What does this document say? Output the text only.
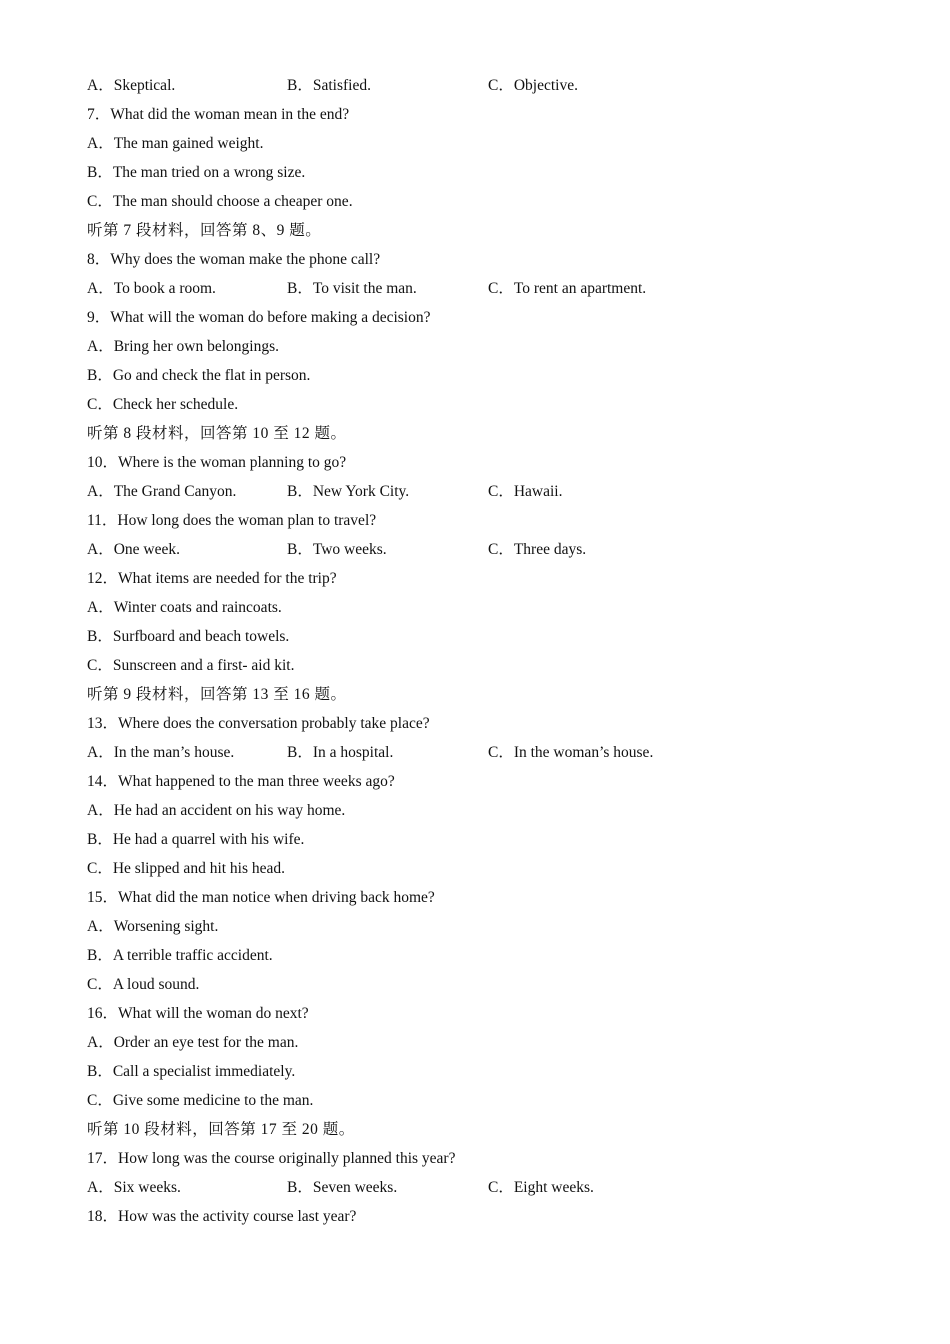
A．Skeptical.	B．Satisfied.	C．Objective.
7．What did the woman mean in the end?
A．The man gained weight.
B．The man tried on a wrong size.
C．The man should choose a cheaper one.
听第 7 段材料，回答第 8、9 题。
8．Why does the woman make the phone call?
A．To book a room.	B．To visit the man.	C．To rent an apartment.
9．What will the woman do before making a decision?
A．Bring her own belongings.
B．Go and check the flat in person.
C．Check her schedule.
听第 8 段材料，回答第 10 至 12 题。
10．Where is the woman planning to go?
A．The Grand Canyon.	B．New York City.	C．Hawaii.
11．How long does the woman plan to travel?
A．One week.	B．Two weeks.	C．Three days.
12．What items are needed for the trip?
A．Winter coats and raincoats.
B．Surfboard and beach towels.
C．Sunscreen and a first- aid kit.
听第 9 段材料，回答第 13 至 16 题。
13．Where does the conversation probably take place?
A．In the man’s house.	B．In a hospital.	C．In the woman’s house.
14．What happened to the man three weeks ago?
A．He had an accident on his way home.
B．He had a quarrel with his wife.
C．He slipped and hit his head.
15．What did the man notice when driving back home?
A．Worsening sight.
B．A terrible traffic accident.
C．A loud sound.
16．What will the woman do next?
A．Order an eye test for the man.
B．Call a specialist immediately.
C．Give some medicine to the man.
听第 10 段材料，回答第 17 至 20 题。
17．How long was the course originally planned this year?
A．Six weeks.	B．Seven weeks.	C．Eight weeks.
18．How was the activity course last year?
